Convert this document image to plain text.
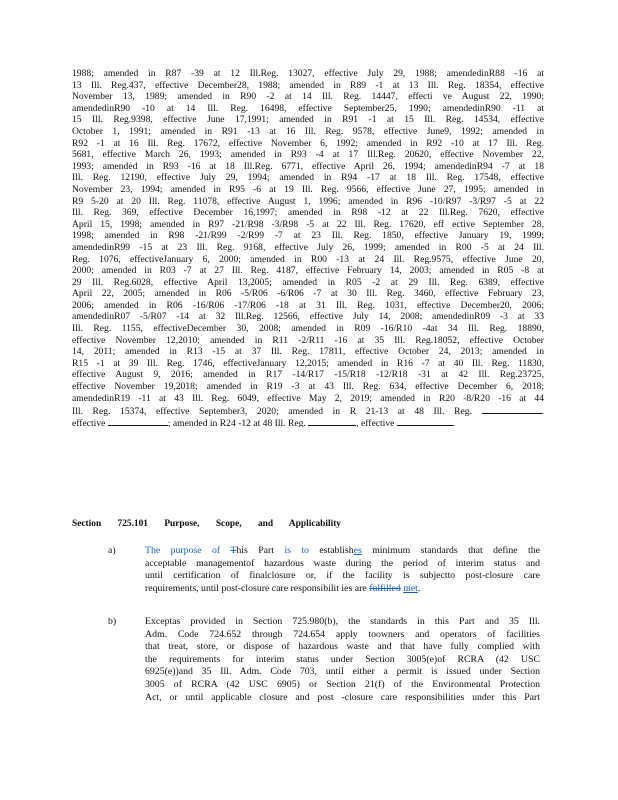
1988; amended in R87 -39 at 12 Ill.Reg. 13027, effective July 29, 1988; amendedinR88 -16 at
13 Ill. Reg.437, effective December28, 1988; amended in R89 -1 at 13 Ill. Reg. 18354, effective
November 13, 1989; amended in R90 -2 at 14 Ill. Reg. 14447, effecti ve August 22, 1990;
amendedinR90 -10 at 14 Ill. Reg. 16498, effective September25, 1990; amendedinR90 -11 at
15 Ill. Reg.9398, effective June 17,1991; amended in R91 -1 at 15 Ill. Reg. 14534, effective
October 1, 1991; amended in R91 -13 at 16 Ill. Reg. 9578, effective June9, 1992; amended in
R92 -1 at 16 Ill. Reg. 17672, effective November 6, 1992; amended in R92 -10 at 17 Ill. Reg.
5681, effective March 26, 1993; amended in R93 -4 at 17 Ill.Reg. 20620, effective November 22,
1993; amended in R93 -16 at 18 Ill.Reg. 6771, effective April 26, 1994; amendedinR94 -7 at 18
Ill. Reg. 12190, effective July 29, 1994; amended in R94 -17 at 18 Ill. Reg. 17548, effective
November 23, 1994; amended in R95 -6 at 19 Ill. Reg. 9566, effective June 27, 1995; amended in
R9 5-20 at 20 Ill. Reg. 11078, effective August 1, 1996; amended in R96 -10/R97 -3/R97 -5 at 22
Ill. Reg. 369, effective December 16,1997; amended in R98 -12 at 22 Ill.Reg. 7620, effective
April 15, 1998; amended in R97 -21/R98 -3/R98 -5 at 22 Ill. Reg. 17620, eff ective September 28,
1998; amended in R98 -21/R99 -2/R99 -7 at 23 Ill. Reg. 1850, effective January 19, 1999;
amendedinR99 -15 at 23 Ill. Reg. 9168, effective July 26, 1999; amended in R00 -5 at 24 Ill.
Reg. 1076, effectiveJanuary 6, 2000; amended in R00 -13 at 24 Ill. Reg.9575, effective June 20,
2000; amended in R03 -7 at 27 Ill. Reg. 4187, effective February 14, 2003; amended in R05 -8 at
29 Ill. Reg.6028, effective April 13,2005; amended in R05 -2 at 29 Ill. Reg. 6389, effective
April 22, 2005; amended in R06 -5/R06 -6/R06 -7 at 30 Ill. Reg. 3460, effective February 23,
2006; amended in R06 -16/R06 -17/R06 -18 at 31 Ill. Reg. 1031, effective December20, 2006;
amendedinR07 -5/R07 -14 at 32 Ill.Reg. 12566, effective July 14, 2008; amendedinR09 -3 at 33
Ill. Reg. 1155, effectiveDecember 30, 2008; amended in R09 -16/R10 -4at 34 Ill. Reg. 18890,
effective November 12,2010; amended in R11 -2/R11 -16 at 35 Ill. Reg.18052, effective October
14, 2011; amended in R13 -15 at 37 Ill. Reg. 17811, effective October 24, 2013; amended in
R15 -1 at 39 Ill. Reg. 1746, effectiveJanuary 12,2015; amended in R16 -7 at 40 Ill. Reg. 11830,
effective August 9, 2016; amended in R17 -14/R17 -15/R18 -12/R18 -31 at 42 Ill. Reg.23725,
effective November 19,2018; amended in R19 -3 at 43 Ill. Reg. 634, effective December 6, 2018;
amendedinR19 -11 at 43 Ill. Reg. 6049, effective May 2, 2019; amended in R20 -8/R20 -16 at 44
Ill. Reg. 15374, effective September3, 2020; amended in R 21-13 at 48 Ill. Reg.	.
effective	; amended in R24 -12 at 48 Ill. Reg.	, effective	.
Section 725.101 Purpose, Scope, and Applicability
a)	The purpose of This Part is to establishes minimum standards that define the
acceptable managementof hazardous waste during the period of interim status and
until certification of finalclosure or, if the facility is subjectto post-closure care
requirements, until post-closure care responsibilit ies are fulfilled met.
b)	Exceptas provided in Section 725.980(b), the standards in this Part and 35 Ill.
Adm. Code 724.652 through 724.654 apply toowners and operators of facilities
that treat, store, or dispose of hazardous waste and that have fully complied with
the requirements for interim status under Section 3005(e)of RCRA (42 USC
6925(e))and 35 Ill. Adm. Code 703, until either a permit is issued under Section
3005 of RCRA (42 USC 6905) or Section 21(f) of the Environmental Protection
Act, or until applicable closure and post -closure care responsibilities under this Part
